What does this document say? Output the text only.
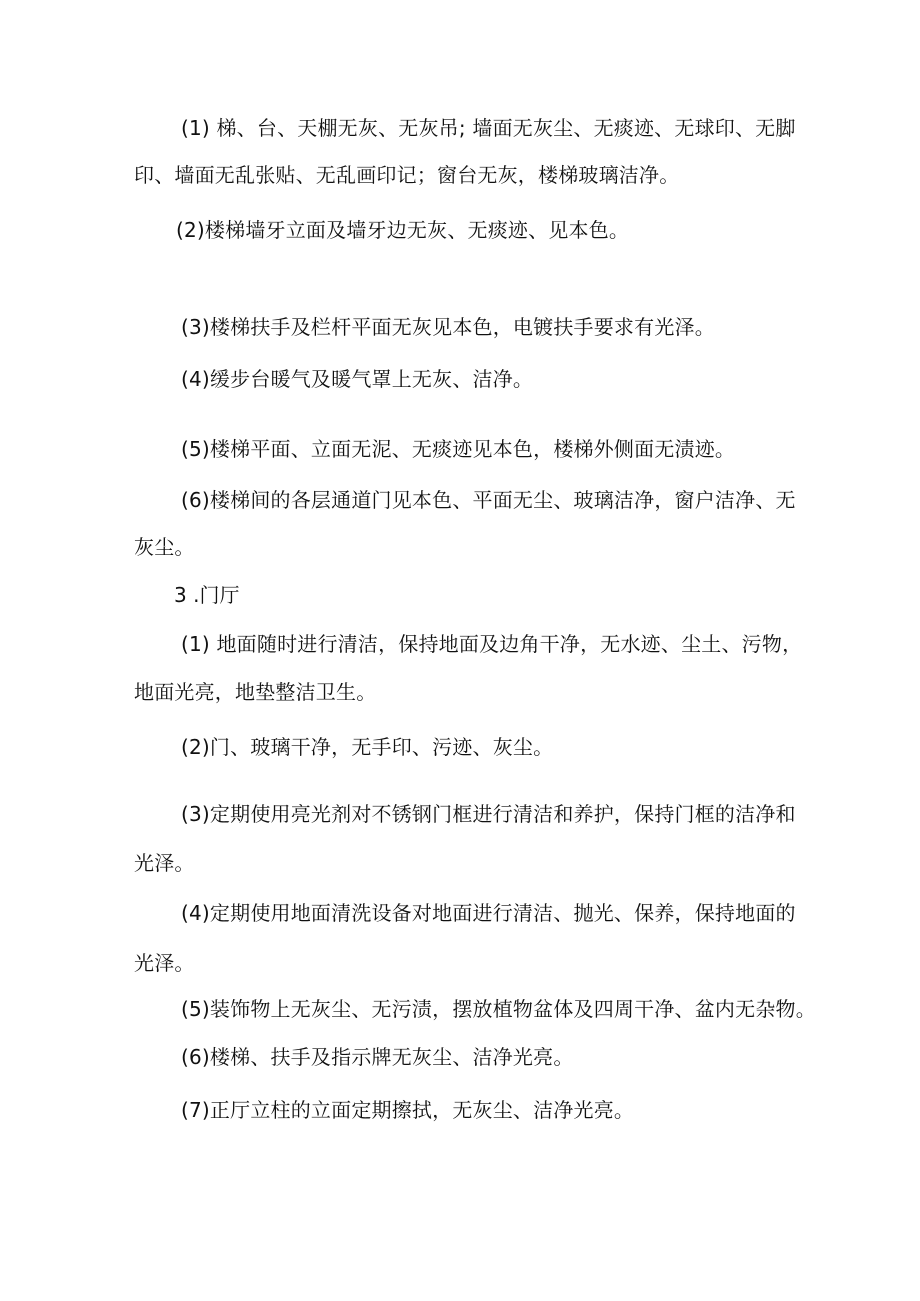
(1) 梯、台、天棚无灰、无灰吊; 墙面无灰尘、无痰迹、无球印、无脚
印、墙面无乱张贴、无乱画印记；窗台无灰，楼梯玻璃洁净。
(2)楼梯墙牙立面及墙牙边无灰、无痰迹、见本色。
(3)楼梯扶手及栏杆平面无灰见本色，电镀扶手要求有光泽。
(4)缓步台暖气及暖气罩上无灰、洁净。
(5)楼梯平面、立面无泥、无痰迹见本色，楼梯外侧面无渍迹。
(6)楼梯间的各层通道门见本色、平面无尘、玻璃洁净，窗户洁净、无
灰尘。
3 .门厅
(1) 地面随时进行清洁，保持地面及边角干净，无水迹、尘土、污物，
地面光亮，地垫整洁卫生。
(2)门、玻璃干净，无手印、污迹、灰尘。
(3)定期使用亮光剂对不锈钢门框进行清洁和养护，保持门框的洁净和
光泽。
(4)定期使用地面清洗设备对地面进行清洁、抛光、保养，保持地面的
光泽。
(5)装饰物上无灰尘、无污渍，摆放植物盆体及四周干净、盆内无杂物。
(6)楼梯、扶手及指示牌无灰尘、洁净光亮。
(7)正厅立柱的立面定期擦拭，无灰尘、洁净光亮。
